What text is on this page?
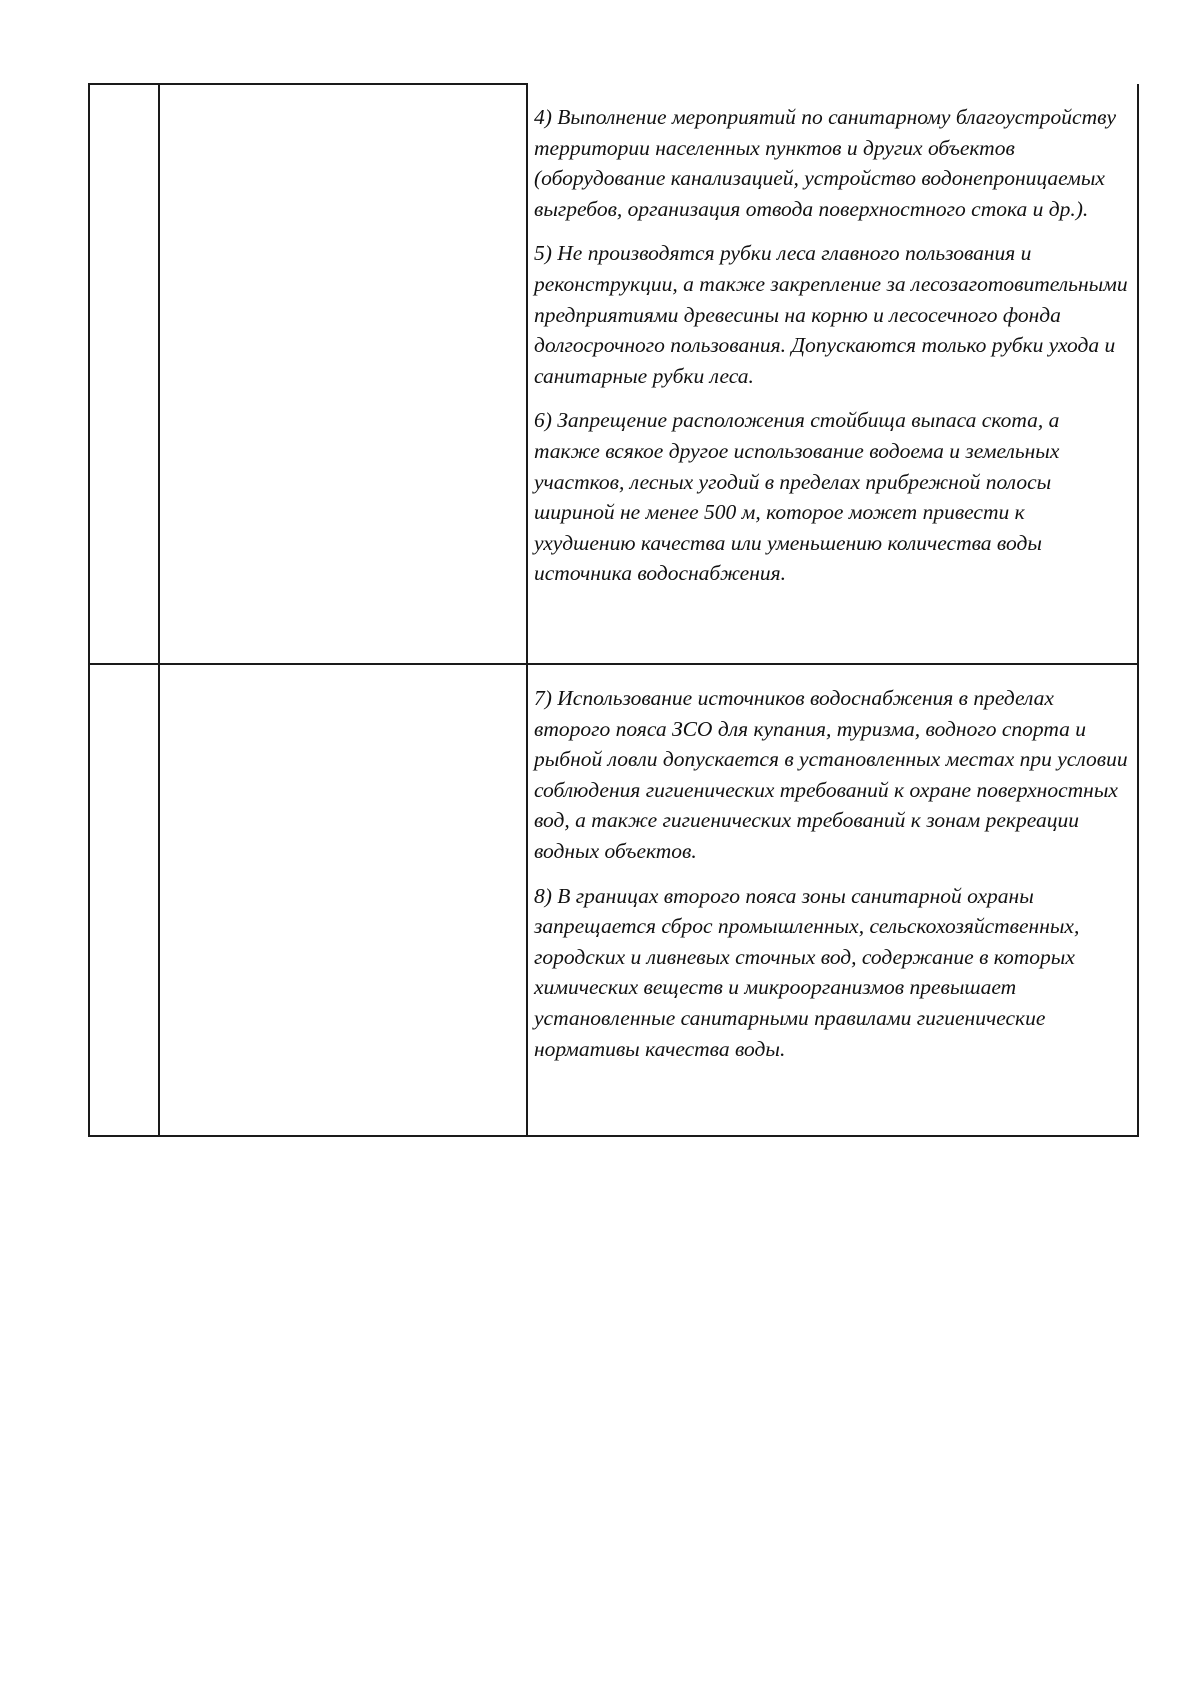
		4) Выполнение мероприятий по санитарному благоустройству территории населенных пунктов и других объектов (оборудование канализацией, устройство водонепроницаемых выгребов, организация отвода поверхностного стока и др.).

5) Не производятся рубки леса главного пользования и реконструкции, а также закрепление за лесозаготовительными предприятиями древесины на корню и лесосечного фонда долгосрочного пользования. Допускаются только рубки ухода и санитарные рубки леса.

6) Запрещение расположения стойбища выпаса скота, а также всякое другое использование водоема и земельных участков, лесных угодий в пределах прибрежной полосы шириной не менее 500 м, которое может привести к ухудшению качества или уменьшению количества воды источника водоснабжения.

		7) Использование источников водоснабжения в пределах второго пояса ЗСО для купания, туризма, водного спорта и рыбной ловли допускается в установленных местах при условии соблюдения гигиенических требований к охране поверхностных вод, а также гигиенических требований к зонам рекреации водных объектов.

8) В границах второго пояса зоны санитарной охраны запрещается сброс промышленных, сельскохозяйственных, городских и ливневых сточных вод, содержание в которых химических веществ и микроорганизмов превышает установленные санитарными правилами гигиенические нормативы качества воды.
